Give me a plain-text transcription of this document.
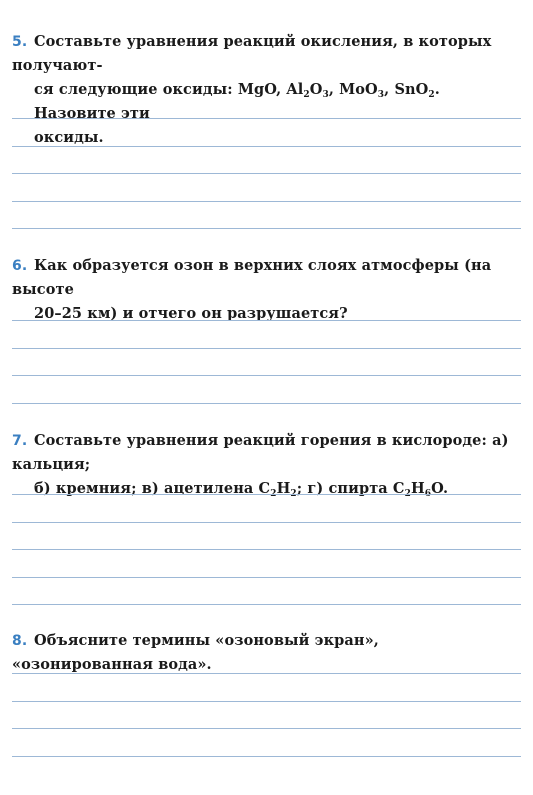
5. Составьте уравнения реакций окисления, в которых получают-

ся следующие оксиды: MgO, $Al_2O_3$, MoO$_3$, SnO$_2$. Назовите эти

оксиды.

6. Как образуется озон в верхних слоях атмосферы (на высоте

20–25 км) и отчего он разрушается?

7. Составьте уравнения реакций горения в кислороде: а) кальция;

б) кремния; в) ацетилена $C_2H_2$; г) спирта $C_2H_6O$.

8. Объясните термины «озоновый экран», «озонированная вода».
